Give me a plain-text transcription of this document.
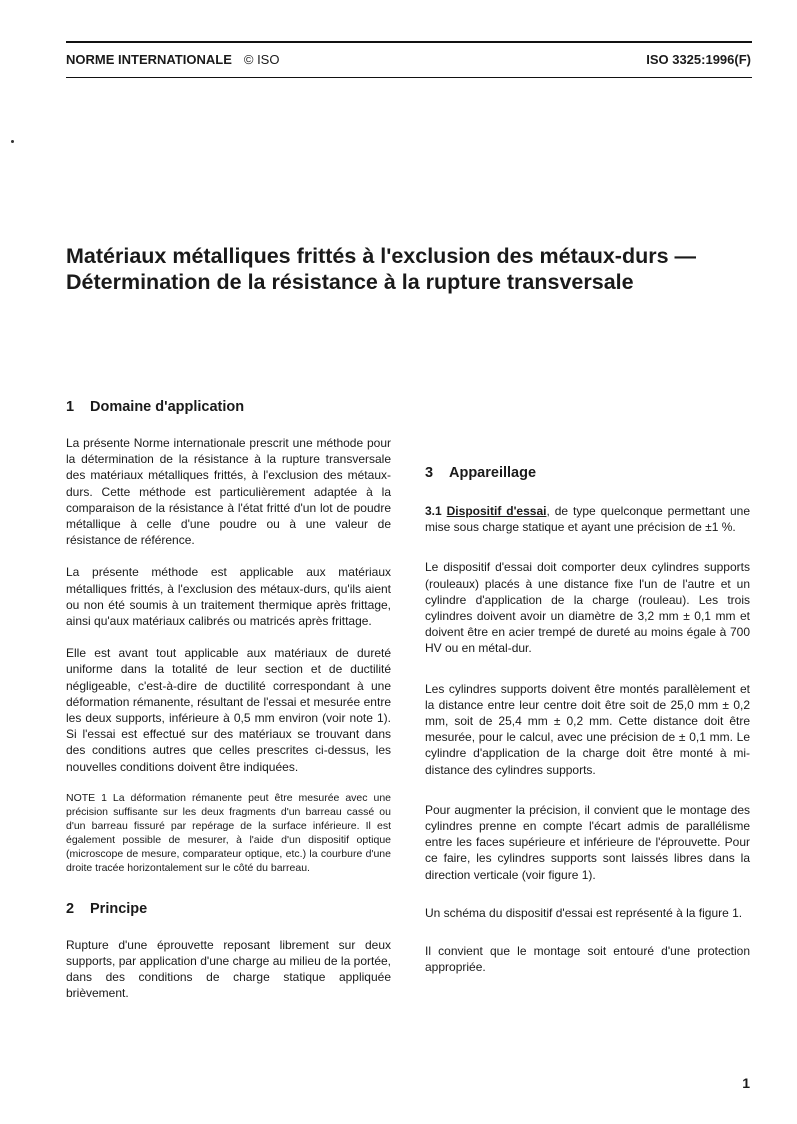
NORME INTERNATIONALE © ISO	ISO 3325:1996(F)
Matériaux métalliques frittés à l'exclusion des métaux-durs — Détermination de la résistance à la rupture transversale
1 Domaine d'application

La présente Norme internationale prescrit une méthode pour la détermination de la résistance à la rupture transversale des matériaux métalliques frittés, à l'exclusion des métaux-durs. Cette méthode est particulièrement adaptée à la comparaison de la résistance à l'état fritté d'un lot de poudre métallique à celle d'une poudre ou à une valeur de résistance de référence.

La présente méthode est applicable aux matériaux métalliques frittés, à l'exclusion des métaux-durs, qu'ils aient ou non été soumis à un traitement thermique après frittage, ainsi qu'aux matériaux calibrés ou matricés après frittage.

Elle est avant tout applicable aux matériaux de dureté uniforme dans la totalité de leur section et de ductilité négligeable, c'est-à-dire de ductilité correspondant à une déformation rémanente, résultant de l'essai et mesurée entre les deux supports, inférieure à 0,5 mm environ (voir note 1). Si l'essai est effectué sur des matériaux se trouvant dans des conditions autres que celles prescrites ci-dessus, les nouvelles conditions doivent être indiquées.

NOTE 1 La déformation rémanente peut être mesurée avec une précision suffisante sur les deux fragments d'un barreau cassé ou d'un barreau fissuré par repérage de la surface inférieure. Il est également possible de mesurer, à l'aide d'un dispositif optique (microscope de mesure, comparateur optique, etc.) la courbure d'une droite tracée horizontalement sur le côté du barreau.
2 Principe

Rupture d'une éprouvette reposant librement sur deux supports, par application d'une charge au milieu de la portée, dans des conditions de charge statique appliquée brièvement.

3 Appareillage

3.1 Dispositif d'essai, de type quelconque permettant une mise sous charge statique et ayant une précision de ±1 %.

Le dispositif d'essai doit comporter deux cylindres supports (rouleaux) placés à une distance fixe l'un de l'autre et un cylindre d'application de la charge (rouleau). Les trois cylindres doivent avoir un diamètre de 3,2 mm ± 0,1 mm et doivent être en acier trempé de dureté au moins égale à 700 HV ou en métal-dur.

Les cylindres supports doivent être montés parallèlement et la distance entre leur centre doit être soit de 25,0 mm ± 0,2 mm, soit de 25,4 mm ± 0,2 mm. Cette distance doit être mesurée, pour le calcul, avec une précision de ± 0,1 mm. Le cylindre d'application de la charge doit être monté à mi-distance des cylindres supports.

Pour augmenter la précision, il convient que le montage des cylindres prenne en compte l'écart admis de parallélisme entre les faces supérieure et inférieure de l'éprouvette. Pour ce faire, les cylindres supports sont laissés libres dans la direction verticale (voir figure 1).

Un schéma du dispositif d'essai est représenté à la figure 1.

Il convient que le montage soit entouré d'une protection appropriée.

1
